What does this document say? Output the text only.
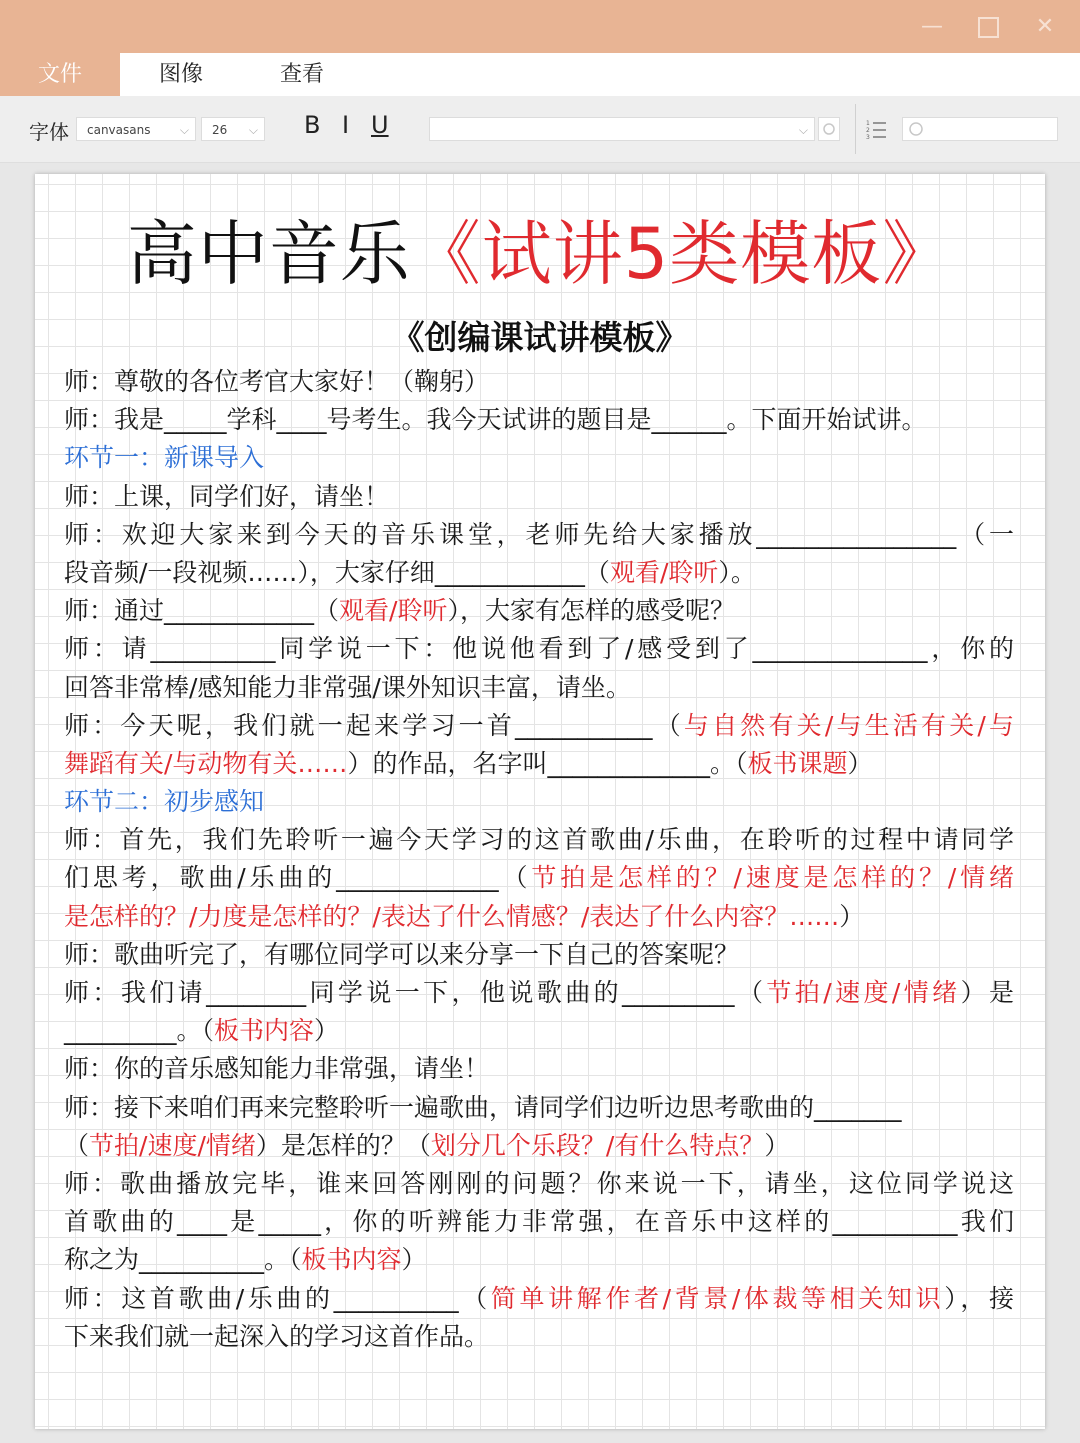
—	✕
文件	图像	查看
字体	canvasans ⌵	26 ⌵ B I U	⌵	1
2
3
高中音乐《试讲5类模板》
《创编课试讲模板》
师：尊敬的各位考官大家好！（鞠躬）
师：我是_____学科____号考生。我今天试讲的题目是______。下面开始试讲。
环节一：新课导入
师：上课，同学们好，请坐！
师：欢迎大家来到今天的音乐课堂，老师先给大家播放________________（一
段音频/一段视频……），大家仔细____________（观看/聆听）。
师：通过____________（观看/聆听），大家有怎样的感受呢？
师：请__________同学说一下：他说他看到了/感受到了______________，你的
回答非常棒/感知能力非常强/课外知识丰富，请坐。
师：今天呢，我们就一起来学习一首___________（与自然有关/与生活有关/与
舞蹈有关/与动物有关……）的作品，名字叫_____________。（板书课题）
环节二：初步感知
师：首先，我们先聆听一遍今天学习的这首歌曲/乐曲，在聆听的过程中请同学
们思考，歌曲/乐曲的_____________（节拍是怎样的？/速度是怎样的？/情绪
是怎样的？/力度是怎样的？/表达了什么情感？/表达了什么内容？……）
师：歌曲听完了，有哪位同学可以来分享一下自己的答案呢？
师：我们请________同学说一下，他说歌曲的_________（节拍/速度/情绪）是
_________。（板书内容）
师：你的音乐感知能力非常强，请坐！
师：接下来咱们再来完整聆听一遍歌曲，请同学们边听边思考歌曲的_______
（节拍/速度/情绪）是怎样的？（划分几个乐段？/有什么特点？）
师：歌曲播放完毕，谁来回答刚刚的问题？你来说一下，请坐，这位同学说这
首歌曲的____是_____，你的听辨能力非常强，在音乐中这样的__________我们
称之为__________。（板书内容）
师：这首歌曲/乐曲的__________（简单讲解作者/背景/体裁等相关知识），接
下来我们就一起深入的学习这首作品。
